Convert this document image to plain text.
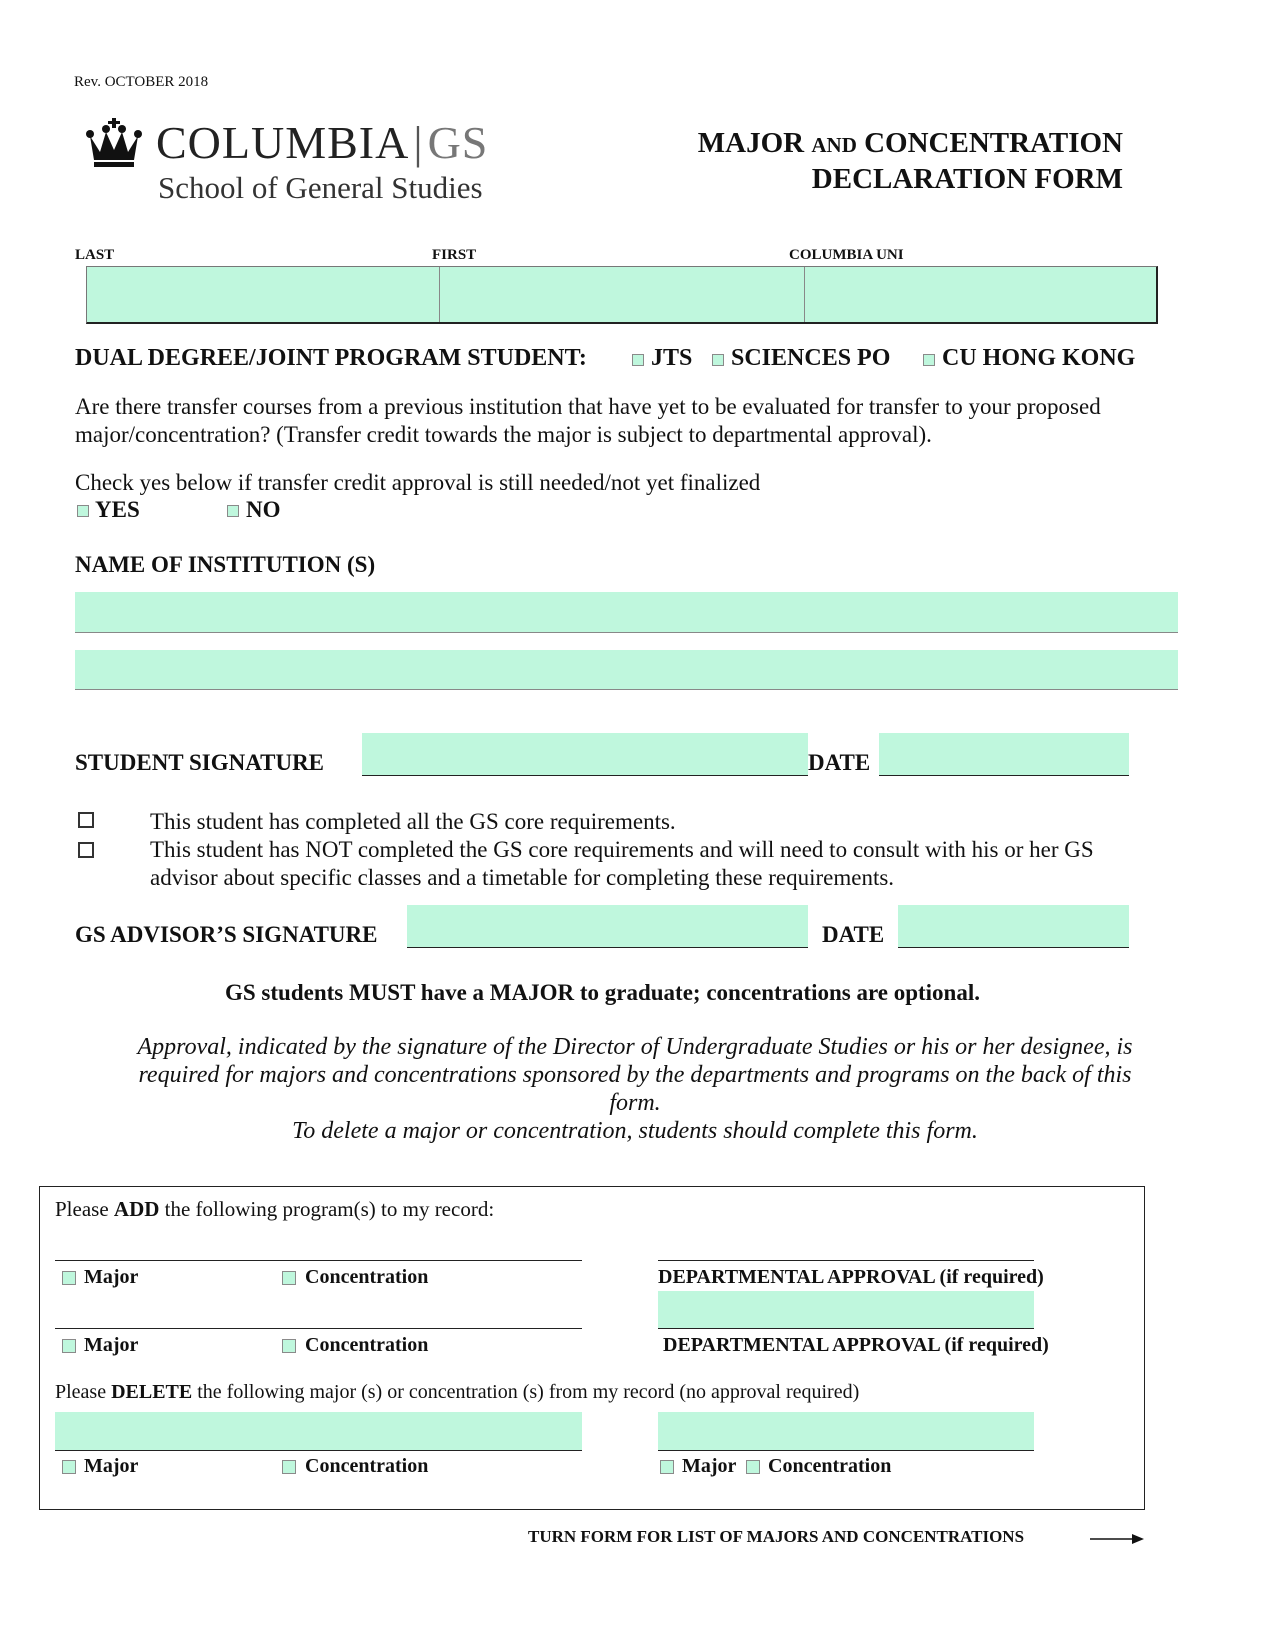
Rev. OCTOBER 2018
COLUMBIA|GS
School of General Studies
MAJOR AND CONCENTRATION
DECLARATION FORM
LAST	FIRST	COLUMBIA UNI
DUAL DEGREE/JOINT PROGRAM STUDENT:	JTS SCIENCES PO CU HONG KONG
Are there transfer courses from a previous institution that have yet to be evaluated for transfer to your proposed major/concentration? (Transfer credit towards the major is subject to departmental approval).
Check yes below if transfer credit approval is still needed/not yet finalized
YES	NO
NAME OF INSTITUTION (S)
STUDENT SIGNATURE	DATE
This student has completed all the GS core requirements.
This student has NOT completed the GS core requirements and will need to consult with his or her GS
advisor about specific classes and a timetable for completing these requirements.
GS ADVISOR’S SIGNATURE	DATE
GS students MUST have a MAJOR to graduate; concentrations are optional.
Approval, indicated by the signature of the Director of Undergraduate Studies or his or her designee, is
required for majors and concentrations sponsored by the departments and programs on the back of this
form.
To delete a major or concentration, students should complete this form.
Please ADD the following program(s) to my record:
Major	Concentration	DEPARTMENTAL APPROVAL (if required)
Major	Concentration	DEPARTMENTAL APPROVAL (if required)
Please DELETE the following major (s) or concentration (s) from my record (no approval required)
Major	Concentration	Major Concentration
TURN FORM FOR LIST OF MAJORS AND CONCENTRATIONS
